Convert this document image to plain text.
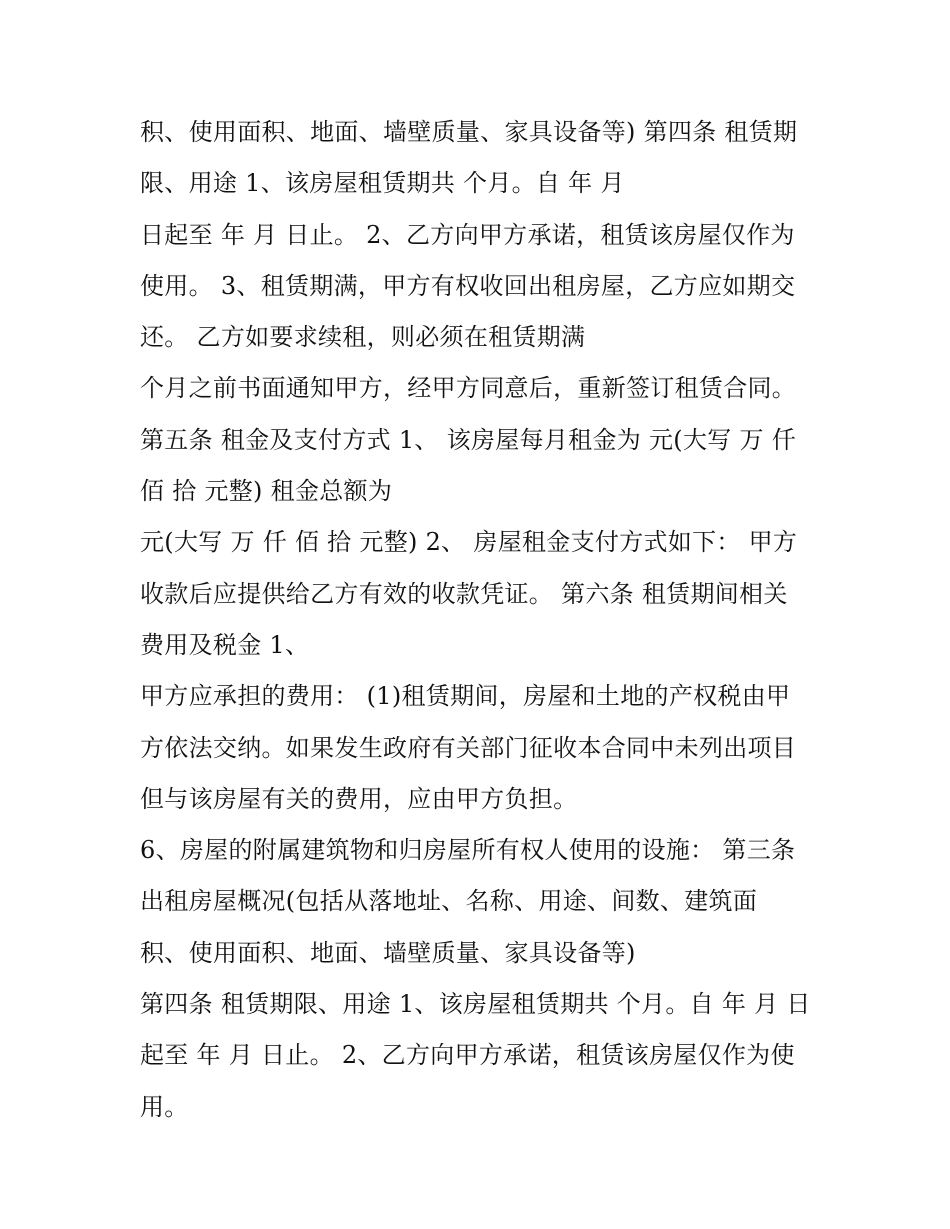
积、使用面积、地面、墙壁质量、家具设备等) 第四条 租赁期
限、用途 1、该房屋租赁期共 个月。自 年 月
日起至 年 月 日止。 2、乙方向甲方承诺，租赁该房屋仅作为
使用。 3、租赁期满，甲方有权收回出租房屋，乙方应如期交
还。 乙方如要求续租，则必须在租赁期满
个月之前书面通知甲方，经甲方同意后，重新签订租赁合同。
第五条 租金及支付方式 1、 该房屋每月租金为 元(大写 万 仟
佰 拾 元整) 租金总额为
元(大写 万 仟 佰 拾 元整) 2、 房屋租金支付方式如下： 甲方
收款后应提供给乙方有效的收款凭证。 第六条 租赁期间相关
费用及税金 1、
甲方应承担的费用： (1)租赁期间，房屋和土地的产权税由甲
方依法交纳。如果发生政府有关部门征收本合同中未列出项目
但与该房屋有关的费用，应由甲方负担。
6、房屋的附属建筑物和归房屋所有权人使用的设施： 第三条
出租房屋概况(包括从落地址、名称、用途、间数、建筑面
积、使用面积、地面、墙壁质量、家具设备等)
第四条 租赁期限、用途 1、该房屋租赁期共 个月。自 年 月 日
起至 年 月 日止。 2、乙方向甲方承诺，租赁该房屋仅作为使
用。
